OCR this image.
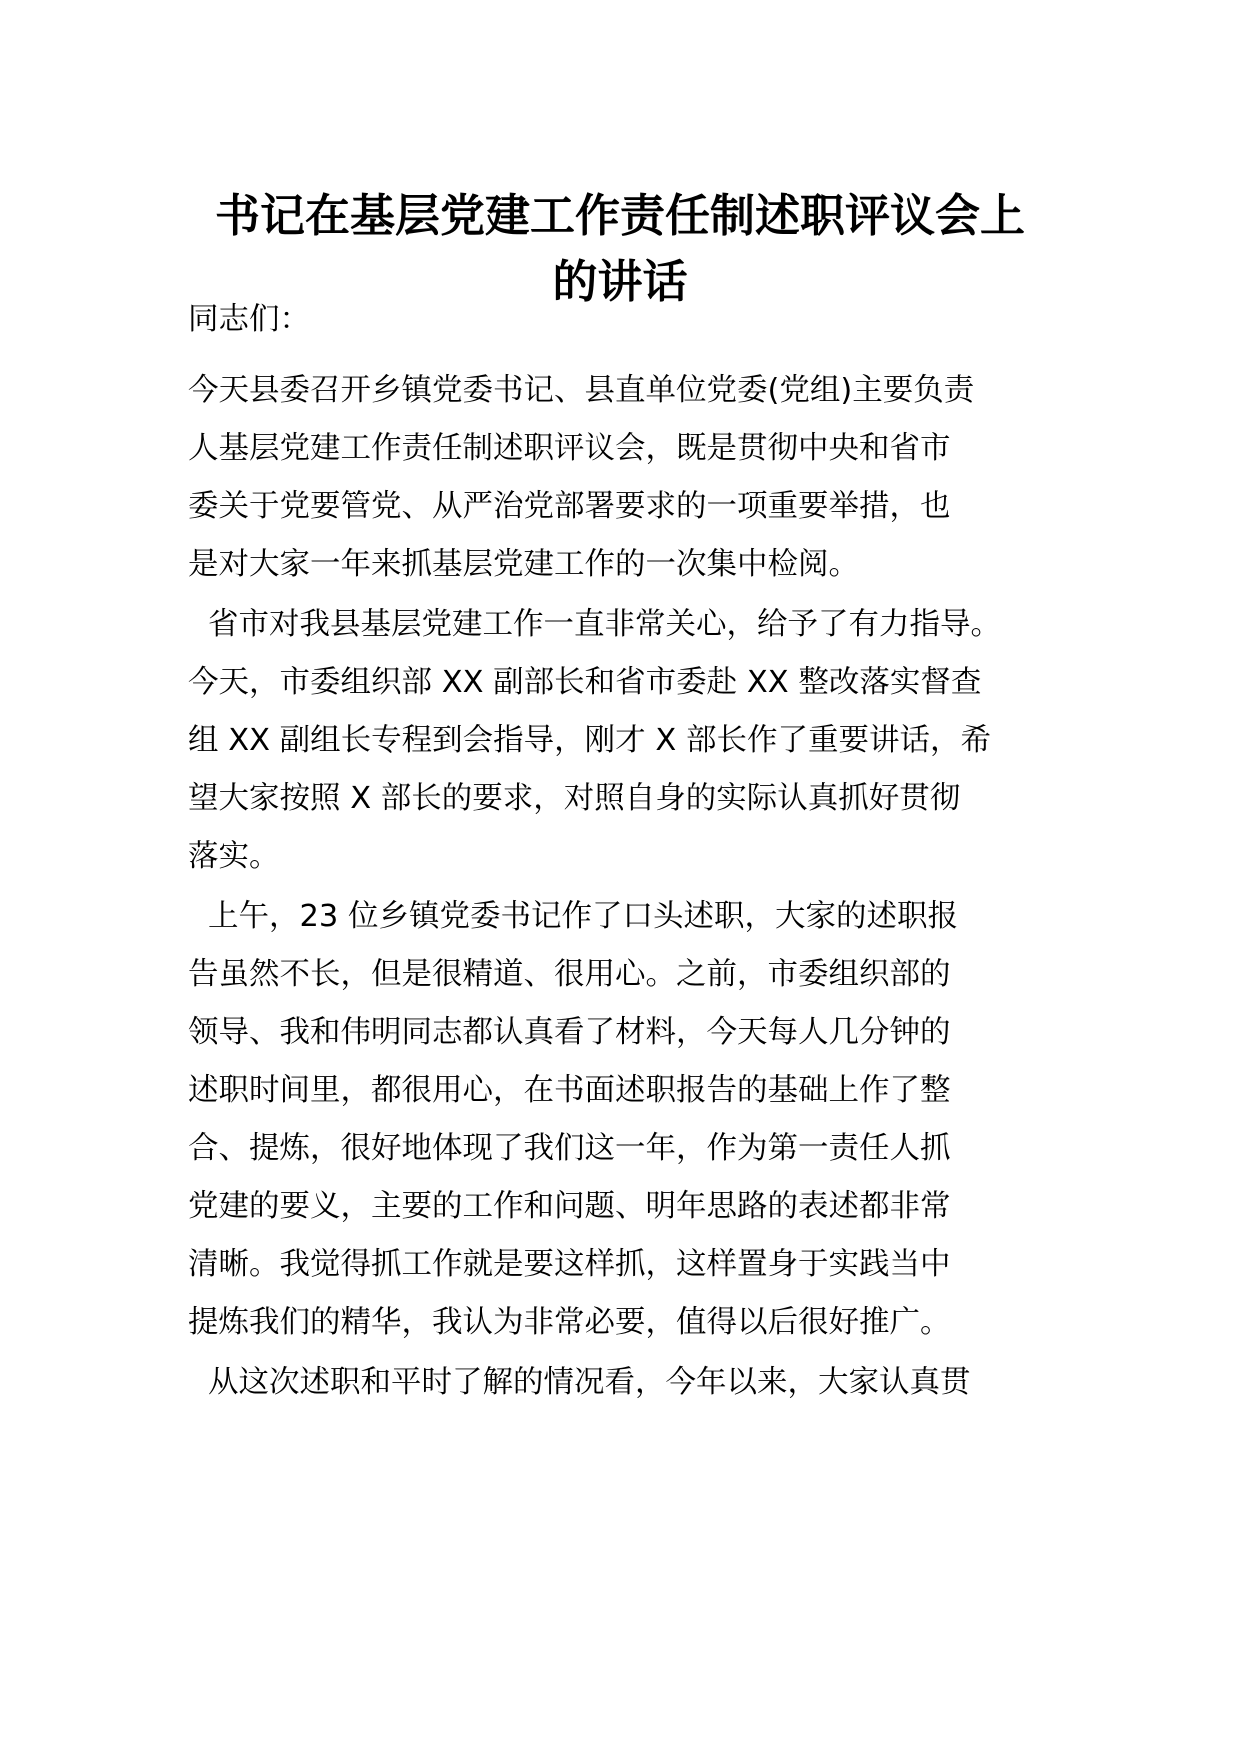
书记在基层党建工作责任制述职评议会上
的讲话

同志们：

今天县委召开乡镇党委书记、县直单位党委(党组)主要负责

人基层党建工作责任制述职评议会，既是贯彻中央和省市

委关于党要管党、从严治党部署要求的一项重要举措，也

是对大家一年来抓基层党建工作的一次集中检阅。

省市对我县基层党建工作一直非常关心，给予了有力指导。

今天，市委组织部 XX 副部长和省市委赴 XX 整改落实督查

组 XX 副组长专程到会指导，刚才 X 部长作了重要讲话，希

望大家按照 X 部长的要求，对照自身的实际认真抓好贯彻

落实。

上午，23 位乡镇党委书记作了口头述职，大家的述职报

告虽然不长，但是很精道、很用心。之前，市委组织部的

领导、我和伟明同志都认真看了材料，今天每人几分钟的

述职时间里，都很用心，在书面述职报告的基础上作了整

合、提炼，很好地体现了我们这一年，作为第一责任人抓

党建的要义，主要的工作和问题、明年思路的表述都非常

清晰。我觉得抓工作就是要这样抓，这样置身于实践当中

提炼我们的精华，我认为非常必要，值得以后很好推广。

从这次述职和平时了解的情况看，今年以来，大家认真贯
